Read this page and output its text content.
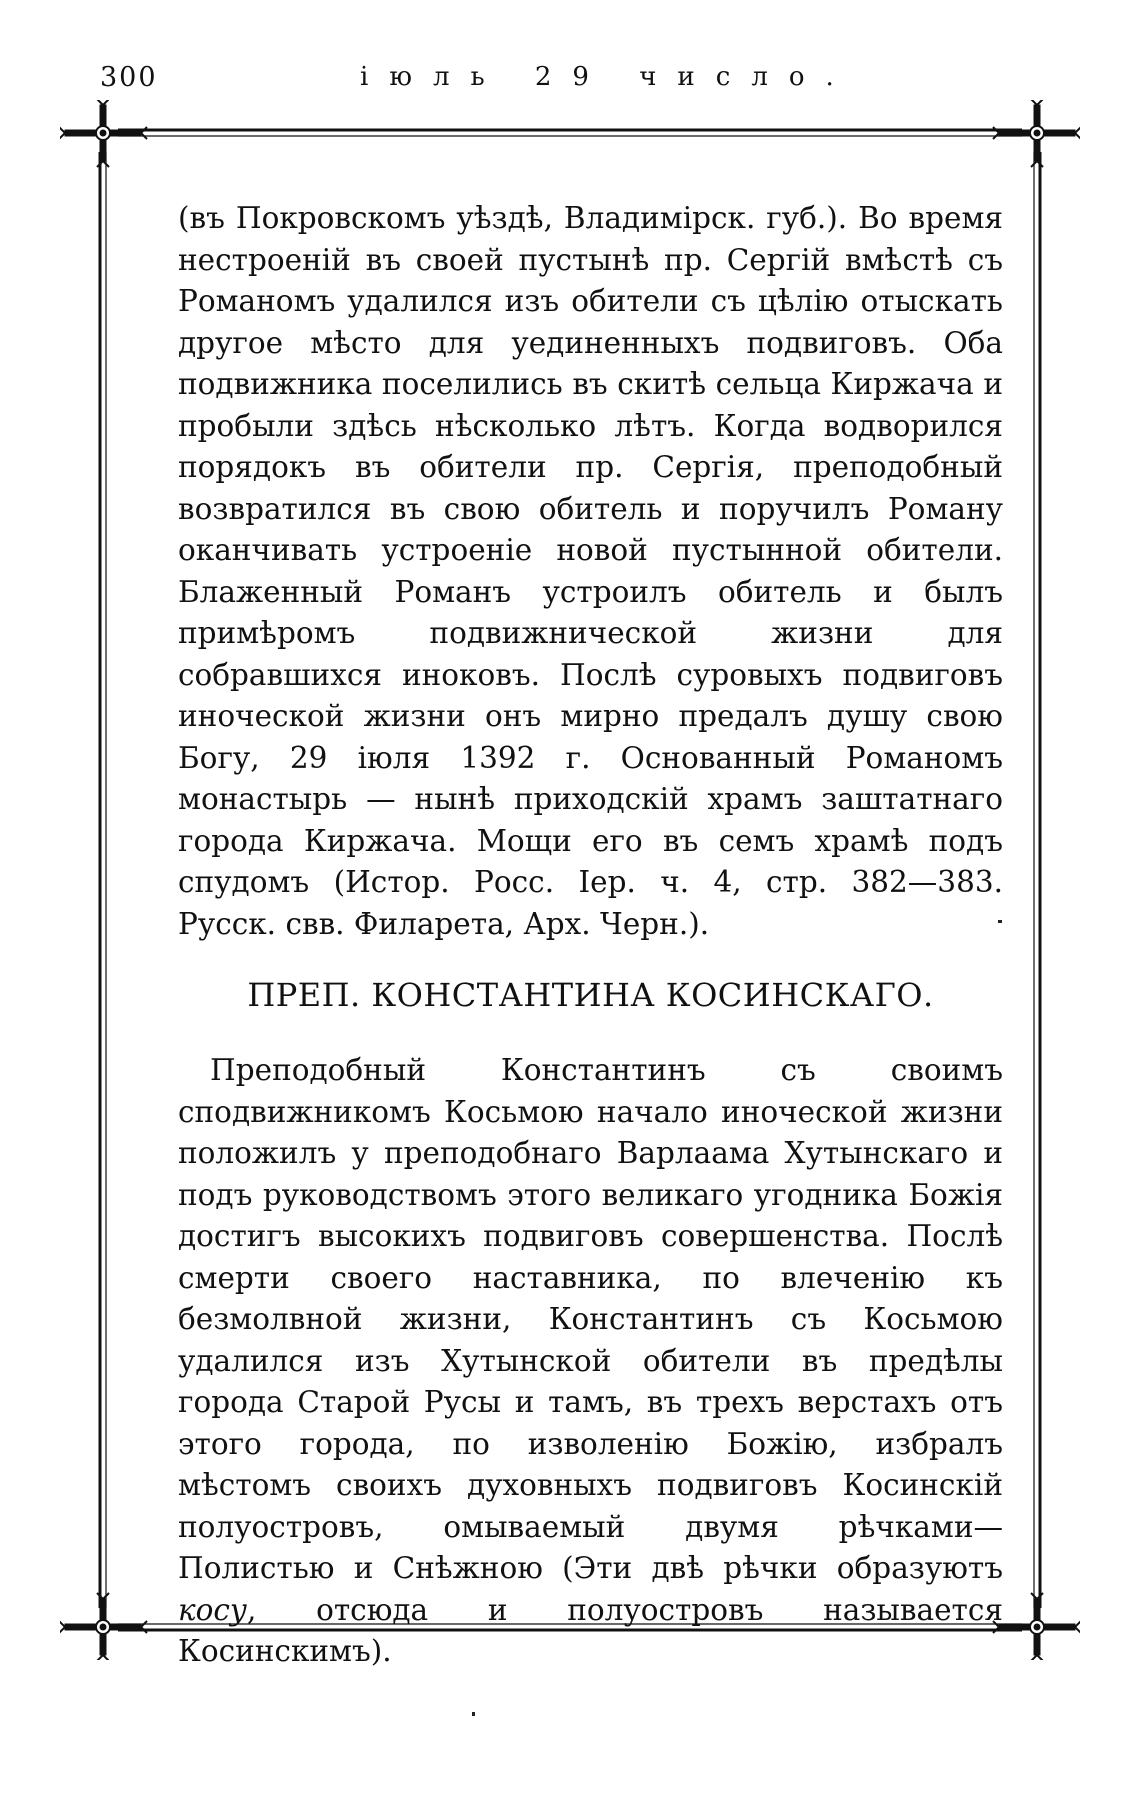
300	іюль 29 число.

(въ Покровскомъ уѣздѣ, Владимірск. губ.). Во время нестроеній въ своей пустынѣ пр. Сергій вмѣстѣ съ Романомъ удалился изъ обители съ цѣлію отыскать другое мѣсто для уединенныхъ подвиговъ. Оба подвижника поселились въ скитѣ сельца Киржача и пробыли здѣсь нѣсколько лѣтъ. Когда водворился порядокъ въ обители пр. Сергія, преподобный возвратился въ свою обитель и поручилъ Роману оканчивать устроеніе новой пустынной обители. Блаженный Романъ устроилъ обитель и былъ примѣромъ подвижнической жизни для собравшихся иноковъ. Послѣ суровыхъ подвиговъ иноческой жизни онъ мирно предалъ душу свою Богу, 29 іюля 1392 г. Основанный Романомъ монастырь — нынѣ приходскій храмъ заштатнаго города Киржача. Мощи его въ семъ храмѣ подъ спудомъ (Истор. Росс. Іер. ч. 4, стр. 382—383. Русск. свв. Филарета, Арх. Черн.).

ПРЕП. КОНСТАНТИНА КОСИНСКАГО.

Преподобный Константинъ съ своимъ сподвижникомъ Косьмою начало иноческой жизни положилъ у преподобнаго Варлаама Хутынскаго и подъ руководствомъ этого великаго угодника Божія достигъ высокихъ подвиговъ совершенства. Послѣ смерти своего наставника, по влеченію къ безмолвной жизни, Константинъ съ Косьмою удалился изъ Хутынской обители въ предѣлы города Старой Русы и тамъ, въ трехъ верстахъ отъ этого города, по изволенію Божію, избралъ мѣстомъ своихъ духовныхъ подвиговъ Косинскій полуостровъ, омываемый двумя рѣчками—Полистью и Снѣжною (Эти двѣ рѣчки образуютъ косу, отсюда и полуостровъ называется Косинскимъ).
